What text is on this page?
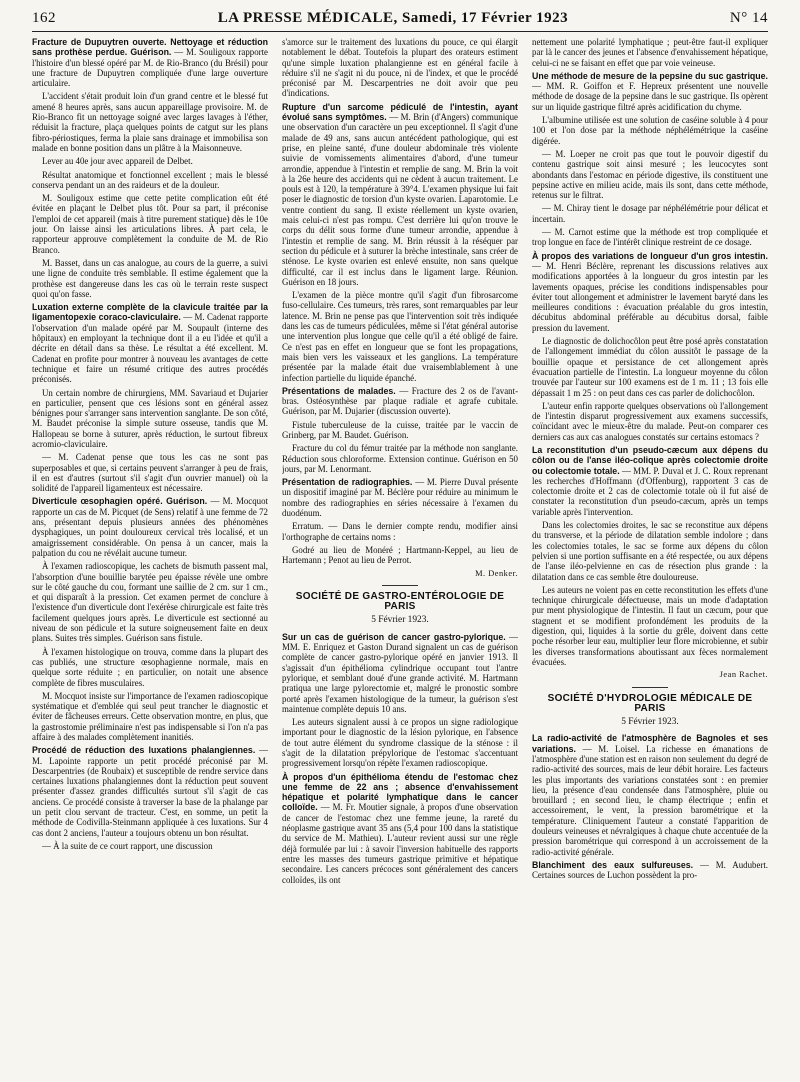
162	LA PRESSE MÉDICALE, Samedi, 17 Février 1923	N° 14

Fracture de Dupuytren ouverte. Nettoyage et réduction sans prothèse perdue. Guérison. — M. Souligoux rapporte l'histoire d'un blessé opéré par M. de Rio-Branco (du Brésil) pour une fracture de Dupuytren compliquée d'une large ouverture articulaire.

L'accident s'était produit loin d'un grand centre et le blessé fut amené 8 heures après, sans aucun appareillage provisoire. M. de Rio-Branco fit un nettoyage soigné avec larges lavages à l'éther, réduisit la fracture, plaça quelques points de catgut sur les plans fibro-périostiques, ferma la plaie sans drainage et immobilisa son malade en bonne position dans un plâtre à la Maisonneuve.

Lever au 40e jour avec appareil de Delbet.

Résultat anatomique et fonctionnel excellent ; mais le blessé conserva pendant un an des raideurs et de la douleur.

M. Souligoux estime que cette petite complication eût été évitée en plaçant le Delbet plus tôt. Pour sa part, il préconise l'emploi de cet appareil (mais à titre purement statique) dès le 10e jour. On laisse ainsi les articulations libres. À part cela, le rapporteur approuve complètement la conduite de M. de Rio Branco.

M. Basset, dans un cas analogue, au cours de la guerre, a suivi une ligne de conduite très semblable. Il estime également que la prothèse est dangereuse dans les cas où le terrain reste suspect quoi qu'on fasse.

Luxation externe complète de la clavicule traitée par la ligamentopexie coraco-claviculaire. — M. Cadenat rapporte l'observation d'un malade opéré par M. Soupault (interne des hôpitaux) en employant la technique dont il a eu l'idée et qu'il a décrite en détail dans sa thèse. Le résultat a été excellent. M. Cadenat en profite pour montrer à nouveau les avantages de cette technique et faire un résumé critique des autres procédés préconisés.

Un certain nombre de chirurgiens, MM. Savariaud et Dujarier en particulier, pensent que ces lésions sont en général assez bénignes pour s'arranger sans intervention sanglante. De son côté, M. Baudet préconise la simple suture osseuse, tandis que M. Hallopeau se borne à suturer, après réduction, le surtout fibreux acromio-claviculaire.

— M. Cadenat pense que tous les cas ne sont pas superposables et que, si certains peuvent s'arranger à peu de frais, il en est d'autres (surtout s'il s'agit d'un ouvrier manuel) où la solidité de l'appareil ligamenteux est nécessaire.

Diverticule œsophagien opéré. Guérison. — M. Mocquot rapporte un cas de M. Picquet (de Sens) relatif à une femme de 72 ans, présentant depuis plusieurs années des phénomènes dysphagiques, un point douloureux cervical très localisé, et un amaigrissement considérable. On pensa à un cancer, mais la palpation du cou ne révélait aucune tumeur.

À l'examen radioscopique, les cachets de bismuth passent mal, l'absorption d'une bouillie barytée peu épaisse révèle une ombre sur le côté gauche du cou, formant une saillie de 2 cm. sur 1 cm., et qui disparaît à la pression. Cet examen permet de conclure à l'existence d'un diverticule dont l'exérèse chirurgicale est faite très facilement quelques jours après. Le diverticule est sectionné au niveau de son pédicule et la suture soigneusement faite en deux plans. Suites très simples. Guérison sans fistule.

À l'examen histologique on trouva, comme dans la plupart des cas publiés, une structure œsophagienne normale, mais en quelque sorte réduite ; en particulier, on notait une absence complète de fibres musculaires.

M. Mocquot insiste sur l'importance de l'examen radioscopique systématique et d'emblée qui seul peut trancher le diagnostic et éviter de fâcheuses erreurs. Cette observation montre, en plus, que la gastrostomie préliminaire n'est pas indispensable si l'on n'a pas affaire à des malades complètement inanitiés.

Procédé de réduction des luxations phalangiennes. — M. Lapointe rapporte un petit procédé préconisé par M. Descarpentries (de Roubaix) et susceptible de rendre service dans certaines luxations phalangiennes dont la réduction peut souvent présenter d'assez grandes difficultés surtout s'il s'agit de cas anciens. Ce procédé consiste à traverser la base de la phalange par un petit clou servant de tracteur. C'est, en somme, un petit la méthode de Codivilla-Steinmann appliquée à ces luxations. Sur 4 cas dont 2 anciens, l'auteur a toujours obtenu un bon résultat.

— À la suite de ce court rapport, une discussion

s'amorce sur le traitement des luxations du pouce, ce qui élargit notablement le débat. Toutefois la plupart des orateurs estiment qu'une simple luxation phalangienne est en général facile à réduire s'il ne s'agit ni du pouce, ni de l'index, et que le procédé préconisé par M. Descarpentries ne doit avoir que peu d'indications.

Rupture d'un sarcome pédiculé de l'intestin, ayant évolué sans symptômes. — M. Brin (d'Angers) communique une observation d'un caractère un peu exceptionnel. Il s'agit d'une malade de 49 ans, sans aucun antécédent pathologique, qui est prise, en pleine santé, d'une douleur abdominale très violente suivie de vomissements alimentaires d'abord, d'une tumeur arrondie, appendue à l'intestin et remplie de sang. M. Brin la voit à la 26e heure des accidents qui ne cèdent à aucun traitement. Le pouls est à 120, la température à 39°4. L'examen physique lui fait poser le diagnostic de torsion d'un kyste ovarien. Laparotomie. Le ventre contient du sang. Il existe réellement un kyste ovarien, mais celui-ci n'est pas rompu. C'est derrière lui qu'on trouve le corps du délit sous forme d'une tumeur arrondie, appendue à l'intestin et remplie de sang. M. Brin réussit à la réséquer par section du pédicule et à suturer la brèche intestinale, sans créer de sténose. Le kyste ovarien est enlevé ensuite, non sans quelque difficulté, car il est inclus dans le ligament large. Réunion. Guérison en 18 jours.

L'examen de la pièce montre qu'il s'agit d'un fibrosarcome fuso-cellulaire. Ces tumeurs, très rares, sont remarquables par leur latence. M. Brin ne pense pas que l'intervention soit très indiquée dans les cas de tumeurs pédiculées, même si l'état général autorise une intervention plus longue que celle qu'il a été obligé de faire. Ce n'est pas en effet en longueur que se font les propagations, mais bien vers les vaisseaux et les ganglions. La température présentée par la malade était due vraisemblablement à une infection partielle du liquide épanché.

Présentations de malades. — Fracture des 2 os de l'avant-bras. Ostéosynthèse par plaque radiale et agrafe cubitale. Guérison, par M. Dujarier (discussion ouverte).

Fistule tuberculeuse de la cuisse, traitée par le vaccin de Grinberg, par M. Baudet. Guérison.

Fracture du col du fémur traitée par la méthode non sanglante. Réduction sous chloroforme. Extension continue. Guérison en 50 jours, par M. Lenormant.

Présentation de radiographies. — M. Pierre Duval présente un dispositif imaginé par M. Béclère pour réduire au minimum le nombre des radiographies en séries nécessaire à l'examen du duodénum.

Erratum. — Dans le dernier compte rendu, modifier ainsi l'orthographe de certains noms :

Godré au lieu de Monéré ; Hartmann-Keppel, au lieu de Hartemann ; Penot au lieu de Perrot.

M. Denker.
SOCIÉTÉ DE GASTRO-ENTÉROLOGIE DE PARIS
5 Février 1923.

Sur un cas de guérison de cancer gastro-pylorique. — MM. E. Enriquez et Gaston Durand signalent un cas de guérison complète de cancer gastro-pylorique opéré en janvier 1913. Il s'agissait d'un épithélioma cylindrique occupant tout l'antre pylorique, et semblant doué d'une grande activité. M. Hartmann pratiqua une large pylorectomie et, malgré le pronostic sombre porté après l'examen histologique de la tumeur, la guérison s'est maintenue complète depuis 10 ans.

Les auteurs signalent aussi à ce propos un signe radiologique important pour le diagnostic de la lésion pylorique, en l'absence de tout autre élément du syndrome classique de la sténose : il s'agit de la dilatation prépylorique de l'estomac s'accentuant progressivement lorsqu'on répète l'examen radioscopique.

À propos d'un épithélioma étendu de l'estomac chez une femme de 22 ans ; absence d'envahissement hépatique et polarité lymphatique dans le cancer colloïde. — M. Fr. Moutier signale, à propos d'une observation de cancer de l'estomac chez une femme jeune, la rareté du néoplasme gastrique avant 35 ans (5,4 pour 100 dans la statistique du service de M. Mathieu). L'auteur revient aussi sur une règle déjà formulée par lui : à savoir l'inversion habituelle des rapports entre les masses des tumeurs gastrique primitive et hépatique secondaire. Les cancers précoces sont généralement des cancers colloïdes, ils ont

nettement une polarité lymphatique ; peut-être faut-il expliquer par là le cancer des jeunes et l'absence d'envahissement hépatique, celui-ci ne se faisant en effet que par voie veineuse.

Une méthode de mesure de la pepsine du suc gastrique. — MM. R. Goiffon et F. Hepreux présentent une nouvelle méthode de dosage de la pepsine dans le suc gastrique. Ils opèrent sur un liquide gastrique filtré après acidification du chyme.

L'albumine utilisée est une solution de caséine soluble à 4 pour 100 et l'on dose par la méthode néphélémétrique la caséine digérée.

— M. Loeper ne croit pas que tout le pouvoir digestif du contenu gastrique soit ainsi mesuré ; les leucocytes sont abondants dans l'estomac en période digestive, ils constituent une pepsine active en milieu acide, mais ils sont, dans cette méthode, retenus sur le filtrat.

— M. Chiray tient le dosage par néphélémétrie pour délicat et incertain.

— M. Carnot estime que la méthode est trop compliquée et trop longue en face de l'intérêt clinique restreint de ce dosage.

À propos des variations de longueur d'un gros intestin. — M. Henri Béclère, reprenant les discussions relatives aux modifications apportées à la longueur du gros intestin par les lavements opaques, précise les conditions indispensables pour éviter tout allongement et administrer le lavement baryté dans les meilleures conditions : évacuation préalable du gros intestin, décubitus abdominal préférable au décubitus dorsal, faible pression du lavement.

Le diagnostic de dolichocôlon peut être posé après constatation de l'allongement immédiat du côlon aussitôt le passage de la bouillie opaque et persistance de cet allongement après évacuation partielle de l'intestin. La longueur moyenne du côlon trouvée par l'auteur sur 100 examens est de 1 m. 11 ; 13 fois elle dépassait 1 m 25 : on peut dans ces cas parler de dolichocôlon.

L'auteur enfin rapporte quelques observations où l'allongement de l'intestin disparut progressivement aux examens successifs, coïncidant avec le mieux-être du malade. Peut-on comparer ces derniers cas aux cas analogues constatés sur certains estomacs ?

La reconstitution d'un pseudo-cæcum aux dépens du côlon ou de l'anse iléo-colique après colectomie droite ou colectomie totale. — MM. P. Duval et J. C. Roux reprenant les recherches d'Hoffmann (d'Offenburg), rapportent 3 cas de colectomie droite et 2 cas de colectomie totale où il fut aisé de constater la reconstitution d'un pseudo-cæcum, après un temps variable après l'intervention.

Dans les colectomies droites, le sac se reconstitue aux dépens du transverse, et la période de dilatation semble indolore ; dans les colectomies totales, le sac se forme aux dépens du côlon pelvien si une portion suffisante en a été respectée, ou aux dépens de l'anse iléo-pelvienne en cas de résection plus grande : la dilatation dans ce cas semble être douloureuse.

Les auteurs ne voient pas en cette reconstitution les effets d'une technique chirurgicale défectueuse, mais un mode d'adaptation pur ment physiologique de l'intestin. Il faut un cæcum, pour que stagnent et se modifient profondément les produits de la digestion, qui, liquides à la sortie du grêle, doivent dans cette poche résorber leur eau, multiplier leur flore microbienne, et subir les diverses transformations aboutissant aux fèces normalement évacuées.

Jean Rachet.
SOCIÉTÉ D'HYDROLOGIE MÉDICALE DE PARIS
5 Février 1923.

La radio-activité de l'atmosphère de Bagnoles et ses variations. — M. Loisel. La richesse en émanations de l'atmosphère d'une station est en raison non seulement du degré de radio-activité des sources, mais de leur débit horaire. Les facteurs les plus importants des variations constatées sont : en premier lieu, la présence d'eau condensée dans l'atmosphère, pluie ou brouillard ; en second lieu, le champ électrique ; enfin et accessoirement, le vent, la pression barométrique et la température. Cliniquement l'auteur a constaté l'apparition de douleurs veineuses et névralgiques à chaque chute accentuée de la pression barométrique qui correspond à un accroissement de la radio-activité générale.

Blanchiment des eaux sulfureuses. — M. Audubert. Certaines sources de Luchon possèdent la pro-
